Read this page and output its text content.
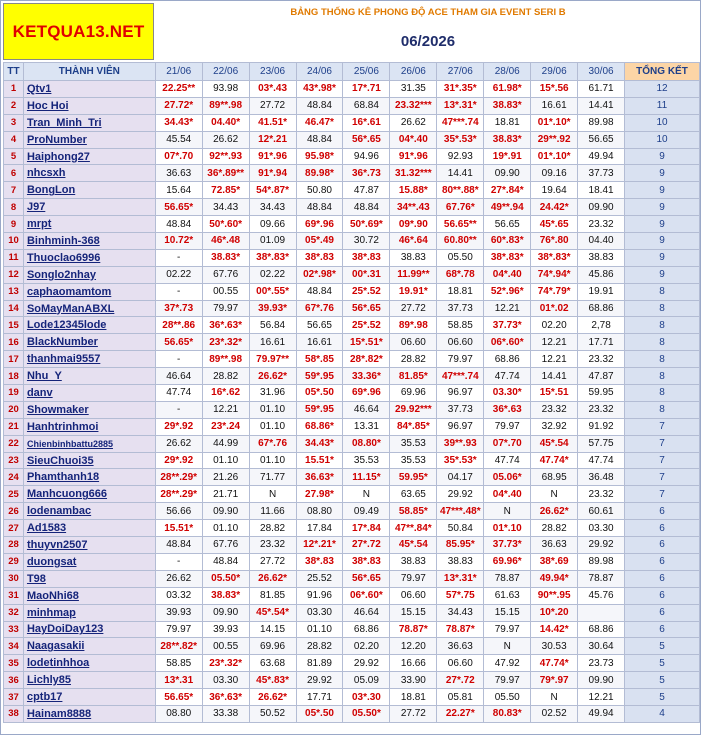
KETQUA13.NET
BẢNG THỐNG KÊ PHONG ĐỘ ACE THAM GIA EVENT SERI B
06/2026
TT	THÀNH VIÊN	21/06	22/06	23/06	24/06	25/06	26/06	27/06	28/06	29/06	30/06	TỔNG KẾT
1	Qtv1	22.25**	93.98	03*.43	43*.98*	17*.71	31.35	31*.35*	61.98*	15*.56	61.71	12
2	Hoc Hoi	27.72*	89**.98	27.72	48.84	68.84	23.32***	13*.31*	38.83*	16.61	14.41	11
3	Tran_Minh_Tri	34.43*	04.40*	41.51*	46.47*	16*.61	26.62	47***.74	18.81	01*.10*	89.98	10
4	ProNumber	45.54	26.62	12*.21	48.84	56*.65	04*.40	35*.53*	38.83*	29**.92	56.65	10
5	Haiphong27	07*.70	92**.93	91*.96	95.98*	94.96	91*.96	92.93	19*.91	01*.10*	49.94	9
6	nhcsxh	36.63	36*.89**	91*.94	89.98*	36*.73	31.32***	14.41	09.90	09.16	37.73	9
7	BongLon	15.64	72.85*	54*.87*	50.80	47.87	15.88*	80**.88*	27*.84*	19.64	18.41	9
8	J97	56.65*	34.43	34.43	48.84	48.84	34**.43	67.76*	49**.94	24.42*	09.90	9
9	mrpt	48.84	50*.60*	09.66	69*.96	50*.69*	09*.90	56.65**	56.65	45*.65	23.32	9
10	Binhminh-368	10.72*	46*.48	01.09	05*.49	30.72	46*.64	60.80**	60*.83*	76*.80	04.40	9
11	Thuoclao6996	-	38.83*	38*.83*	38*.83	38*.83	38.83	05.50	38*.83*	38*.83*	38.83	9
12	Songlo2nhay	02.22	67.76	02.22	02*.98*	00*.31	11.99**	68*.78	04*.40	74*.94*	45.86	9
13	caphaomamtom	-	00.55	00*.55*	48.84	25*.52	19.91*	18.81	52*.96*	74*.79*	19.91	8
14	SoMayManABXL	37*.73	79.97	39.93*	67*.76	56*.65	27.72	37.73	12.21	01*.02	68.86	8
15	Lode12345lode	28**.86	36*.63*	56.84	56.65	25*.52	89*.98	58.85	37.73*	02.20	2,78	8
16	BlackNumber	56.65*	23*.32*	16.61	16.61	15*.51*	06.60	06.60	06*.60*	12.21	17.71	8
17	thanhmai9557	-	89**.98	79.97**	58*.85	28*.82*	28.82	79.97	68.86	12.21	23.32	8
18	Nhu_Y	46.64	28.82	26.62*	59*.95	33.36*	81.85*	47***.74	47.74	14.41	47.87	8
19	danv	47.74	16*.62	31.96	05*.50	69*.96	69.96	96.97	03.30*	15*.51	59.95	8
20	Showmaker	-	12.21	01.10	59*.95	46.64	29.92***	37.73	36*.63	23.32	23.32	8
21	Hanhtrinhmoi	29*.92	23*.24	01.10	68.86*	13.31	84*.85*	96.97	79.97	32.92	91.92	7
22	Chienbinhbattu2885	26.62	44.99	67*.76	34.43*	08.80*	35.53	39**.93	07*.70	45*.54	57.75	7
23	SieuChuoi35	29*.92	01.10	01.10	15.51*	35.53	35.53	35*.53*	47.74	47.74*	47.74	7
24	Phamthanh18	28**.29*	21.26	71.77	36.63*	11.15*	59.95*	04.17	05.06*	68.95	36.48	7
25	Manhcuong666	28**.29*	21.71	N	27.98*	N	63.65	29.92	04*.40	N	23.32	7
26	lodenambac	56.66	09.90	11.66	08.80	09.49	58.85*	47***.48*	N	26.62*	60.61	6
27	Ad1583	15.51*	01.10	28.82	17.84	17*.84	47**.84*	50.84	01*.10	28.82	03.30	6
28	thuyvn2507	48.84	67.76	23.32	12*.21*	27*.72	45*.54	85.95*	37.73*	36.63	29.92	6
29	duongsat	-	48.84	27.72	38*.83	38*.83	38.83	38.83	69.96*	38*.69	89.98	6
30	T98	26.62	05.50*	26.62*	25.52	56*.65	79.97	13*.31*	78.87	49.94*	78.87	6
31	MaoNhi68	03.32	38.83*	81.85	91.96	06*.60*	06.60	57*.75	61.63	90**.95	45.76	6
32	minhmap	39.93	09.90	45*.54*	03.30	46.64	15.15	34.43	15.15	10*.20		6
33	HayDoiDay123	79.97	39.93	14.15	01.10	68.86	78.87*	78.87*	79.97	14.42*	68.86	6
34	Naagasakii	28**.82*	00.55	69.96	28.82	02.20	12.20	36.63	N	30.53	30.64	5
35	lodetinhhoa	58.85	23*.32*	63.68	81.89	29.92	16.66	06.60	47.92	47.74*	23.73	5
36	Lichly85	13*.31	03.30	45*.83*	29.92	05.09	33.90	27*.72	79.97	79*.97	09.90	5
37	cptb17	56.65*	36*.63*	26.62*	17.71	03*.30	18.81	05.81	05.50	N	12.21	5
38	Hainam8888	08.80	33.38	50.52	05*.50	05.50*	27.72	22.27*	80.83*	02.52	49.94	4
